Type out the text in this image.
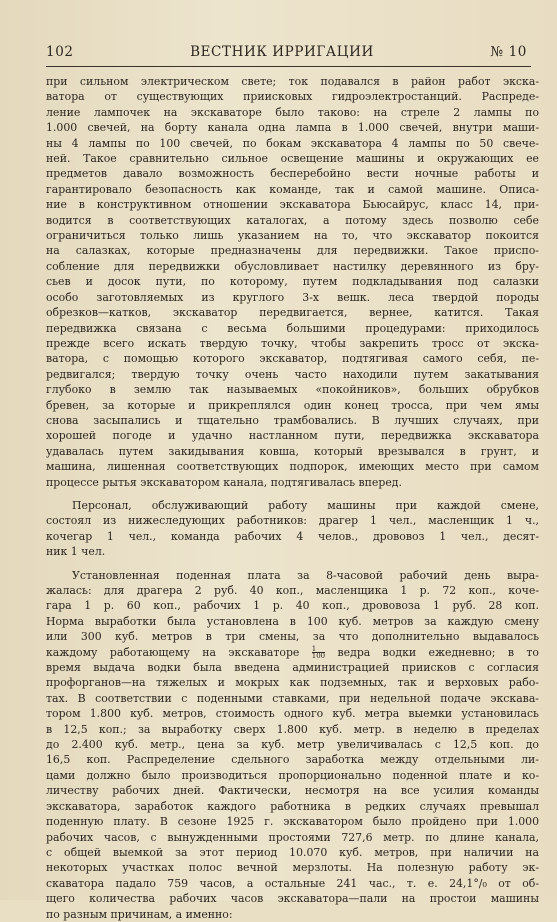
102	ВЕСТНИК ИРРИГАЦИИ	№ 10
при сильном электрическом свете; ток подавался в район работ экска-
ватора от существующих приисковых гидроэлектростанций. Распреде-
ление лампочек на экскаваторе было таково: на стреле 2 лампы по
1.000 свечей, на борту канала одна лампа в 1.000 свечей, внутри маши-
ны 4 лампы по 100 свечей, по бокам экскаватора 4 лампы по 50 свече-
ней. Такое сравнительно сильное освещение машины и окружающих ее
предметов давало возможность бесперебойно вести ночные работы и
гарантировало безопасность как команде, так и самой машине. Описа-
ние в конструктивном отношении экскаватора Бьюсайрус, класс 14, при-
водится в соответствующих каталогах, а потому здесь позволю себе
ограничиться только лишь указанием на то, что экскаватор покоится
на салазках, которые предназначены для передвижки. Такое приспо-
собление для передвижки обусловливает настилку деревянного из бру-
сьев и досок пути, по которому, путем подкладывания под салазки
особо заготовляемых из круглого 3-х вешк. леса твердой породы
обрезков—катков, экскаватор передвигается, вернее, катится. Такая
передвижка связана с весьма большими процедурами: приходилось
прежде всего искать твердую точку, чтобы закрепить тросс от экска-
ватора, с помощью которого экскаватор, подтягивая самого себя, пе-
редвигался; твердую точку очень часто находили путем закатывания
глубоко в землю так называемых «покойников», больших обрубков
бревен, за которые и прикреплялся один конец тросса, при чем ямы
снова засыпались и тщательно трамбовались. В лучших случаях, при
хорошей погоде и удачно настланном пути, передвижка экскаватора
удавалась путем закидывания ковша, который врезывался в грунт, и
машина, лишенная соответствующих подпорок, имеющих место при самом
процессе рытья экскаватором канала, подтягивалась вперед.
Персонал, обслуживающий работу машины при каждой смене,
состоял из нижеследующих работников: драгер 1 чел., масленщик 1 ч.,
кочегар 1 чел., команда рабочих 4 челов., дрововоз 1 чел., десят-
ник 1 чел.
Установленная поденная плата за 8-часовой рабочий день выра-
жалась: для драгера 2 руб. 40 коп., масленщика 1 р. 72 коп., коче-
гара 1 р. 60 коп., рабочих 1 р. 40 коп., дрововоза 1 руб. 28 коп.
Норма выработки была установлена в 100 куб. метров за каждую смену
или 300 куб. метров в три смены, за что дополнительно выдавалось
каждому работающему на экскаваторе $\frac{1}{100}$ ведра водки ежедневно; в то
время выдача водки была введена администрацией приисков с согласия
профорганов—на тяжелых и мокрых как подземных, так и верховых рабо-
тах. В соответствии с поденными ставками, при недельной подаче экскава-
тором 1.800 куб. метров, стоимость одного куб. метра выемки установилась
в 12,5 коп.; за выработку сверх 1.800 куб. метр. в неделю в пределах
до 2.400 куб. метр., цена за куб. метр увеличивалась с 12,5 коп. до
16,5 коп. Распределение сдельного заработка между отдельными ли-
цами должно было производиться пропорционально поденной плате и ко-
личеству рабочих дней. Фактически, несмотря на все усилия команды
экскаватора, заработок каждого работника в редких случаях превышал
поденную плату. В сезоне 1925 г. экскаватором было пройдено при 1.000
рабочих часов, с вынужденными простоями 727,6 метр. по длине канала,
с общей выемкой за этот период 10.070 куб. метров, при наличии на
некоторых участках полос вечной мерзлоты. На полезную работу эк-
скаватора падало 759 часов, а остальные 241 час., т. е. 24,1°/₀ от об-
щего количества рабочих часов экскаватора—пали на простои машины
по разным причинам, а именно:
